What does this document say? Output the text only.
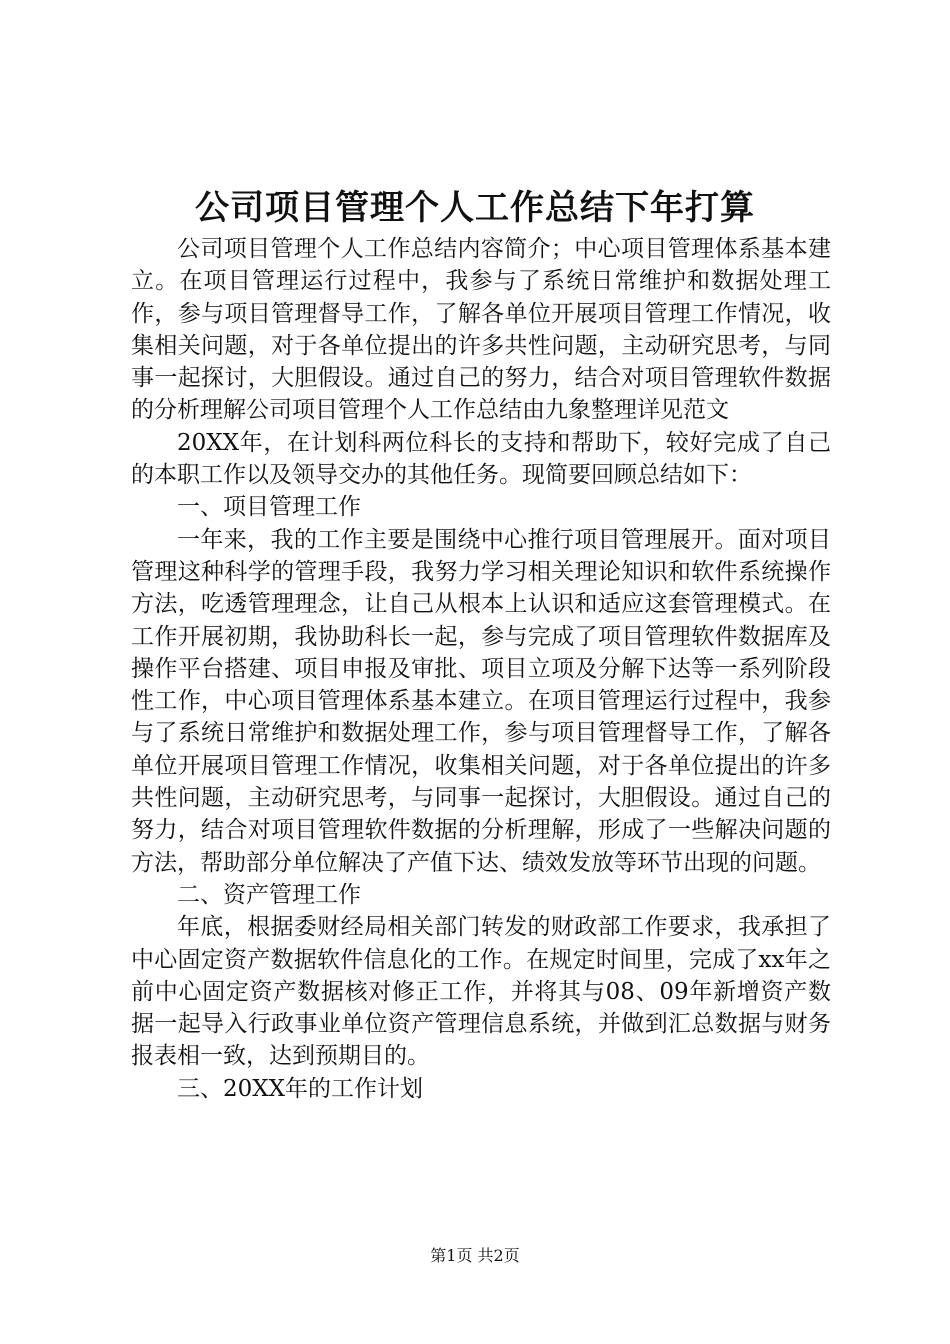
公司项目管理个人工作总结下年打算

公司项目管理个人工作总结内容简介；中心项目管理体系基本建立。在项目管理运行过程中，我参与了系统日常维护和数据处理工作，参与项目管理督导工作，了解各单位开展项目管理工作情况，收集相关问题，对于各单位提出的许多共性问题，主动研究思考，与同事一起探讨，大胆假设。通过自己的努力，结合对项目管理软件数据的分析理解公司项目管理个人工作总结由九象整理详见范文

20XX年，在计划科两位科长的支持和帮助下，较好完成了自己的本职工作以及领导交办的其他任务。现简要回顾总结如下：

一、项目管理工作

一年来，我的工作主要是围绕中心推行项目管理展开。面对项目管理这种科学的管理手段，我努力学习相关理论知识和软件系统操作方法，吃透管理理念，让自己从根本上认识和适应这套管理模式。在工作开展初期，我协助科长一起，参与完成了项目管理软件数据库及操作平台搭建、项目申报及审批、项目立项及分解下达等一系列阶段性工作，中心项目管理体系基本建立。在项目管理运行过程中，我参与了系统日常维护和数据处理工作，参与项目管理督导工作，了解各单位开展项目管理工作情况，收集相关问题，对于各单位提出的许多共性问题，主动研究思考，与同事一起探讨，大胆假设。通过自己的努力，结合对项目管理软件数据的分析理解，形成了一些解决问题的方法，帮助部分单位解决了产值下达、绩效发放等环节出现的问题。

二、资产管理工作

年底，根据委财经局相关部门转发的财政部工作要求，我承担了中心固定资产数据软件信息化的工作。在规定时间里，完成了xx年之前中心固定资产数据核对修正工作，并将其与08、09年新增资产数据一起导入行政事业单位资产管理信息系统，并做到汇总数据与财务报表相一致，达到预期目的。

三、20XX年的工作计划

第1页 共2页
